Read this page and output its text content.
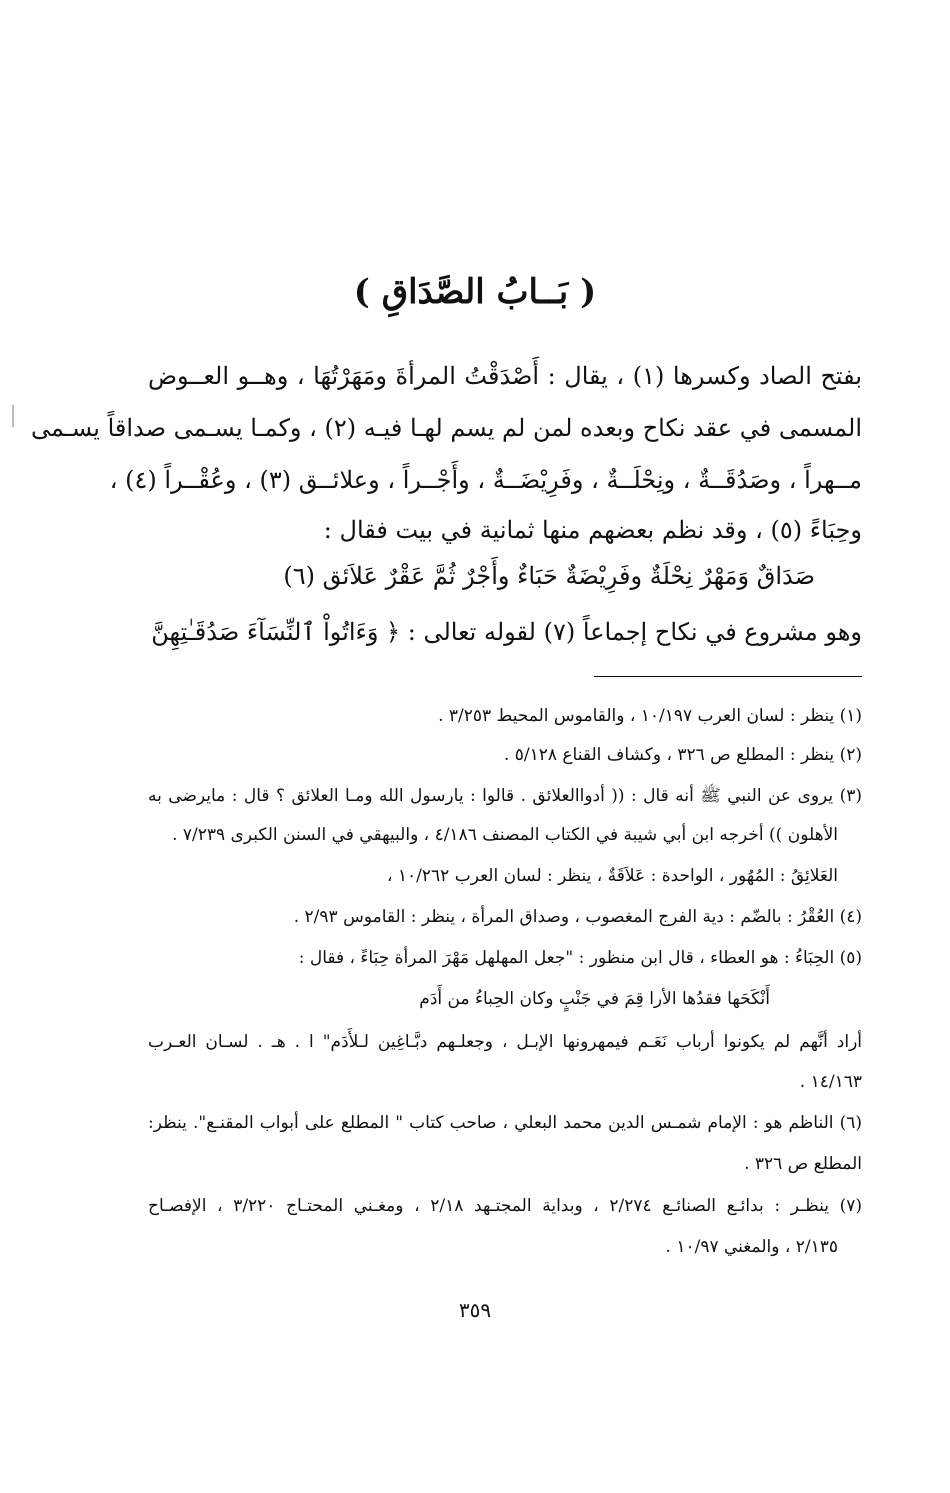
( بَــابُ الصَّدَاقِ )
بفتح الصاد وكسرها (١) ، يقال : أَصْدَقْتُ المرأةَ ومَهَرْتُهَا ، وهــو العــوض
المسمى في عقد نكاح وبعده لمن لم يسم لهـا فيـه (٢) ، وكمـا يسـمى صداقاً يسـمى
مــهراً ، وصَدُقَــةٌ ، ونِحْلَــةٌ ، وفَرِيْضَــةٌ ، وأَجْــراً ، وعلائــق (٣) ، وعُقْــراً (٤) ،
وحِبَاءً (٥) ، وقد نظم بعضهم منها ثمانية في بيت فقال :
صَدَاقٌ وَمَهْرٌ نِحْلَةٌ وفَرِيْضَةٌ حَبَاءٌ وأَجْرٌ ثُمَّ عَقْرٌ عَلاَئق (٦)
وهو مشروع في نكاح إجماعاً (٧) لقوله تعالى : ﴿ وَءَاتُواْ ٱلنِّسَآءَ صَدُقَـٰتِهِنَّ
(١) ينظر : لسان العرب ١٠/١٩٧ ، والقاموس المحيط ٣/٢٥٣ .
(٢) ينظر : المطلع ص ٣٢٦ ، وكشاف القناع ٥/١٢٨ .
(٣) يروى عن النبي ﷺ أنه قال : (( أدواالعلائق . قالوا : يارسول الله ومـا العلائق ؟ قال : مايرضى به
الأهلون )) أخرجه ابن أبي شيبة في الكتاب المصنف ٤/١٨٦ ، والبيهقي في السنن الكبرى ٧/٢٣٩ .
العَلائِقُ : المُهُور ، الواحدة : عَلاَقَةٌ ، ينظر : لسان العرب ١٠/٢٦٢ ،
(٤) العُقْرُ : بالضّم : دية الفرج المغصوب ، وصداق المرأة ، ينظر : القاموس ٢/٩٣ .
(٥) الحِبَاءُ : هو العطاء ، قال ابن منظور : "جعل المهلهل مَهْرَ المرأة حِبَاءً ، فقال :
أَنْكَحَها فقدُها الأرا قِمَ في جَنْبٍ وكان الحِباءُ من أَدَم
أراد أنَّهم لم يكونوا أرباب نَعَـم فيمهرونها الإبـل ، وجعلـهم دبَّـاغِين لـلأَدَم" ا . هـ . لسـان العـرب
١٤/١٦٣ .
(٦) الناظم هو : الإمام شمـس الدين محمد البعلي ، صاحب كتاب " المطلع على أبواب المقنـع". ينظر:
المطلع ص ٣٢٦ .
(٧) ينظـر : بدائـع الصنائـع ٢/٢٧٤ ، وبداية المجتـهد ٢/١٨ ، ومغـني المحتـاج ٣/٢٢٠ ، الإفصـاح
٢/١٣٥ ، والمغني ١٠/٩٧ .
٣٥٩
